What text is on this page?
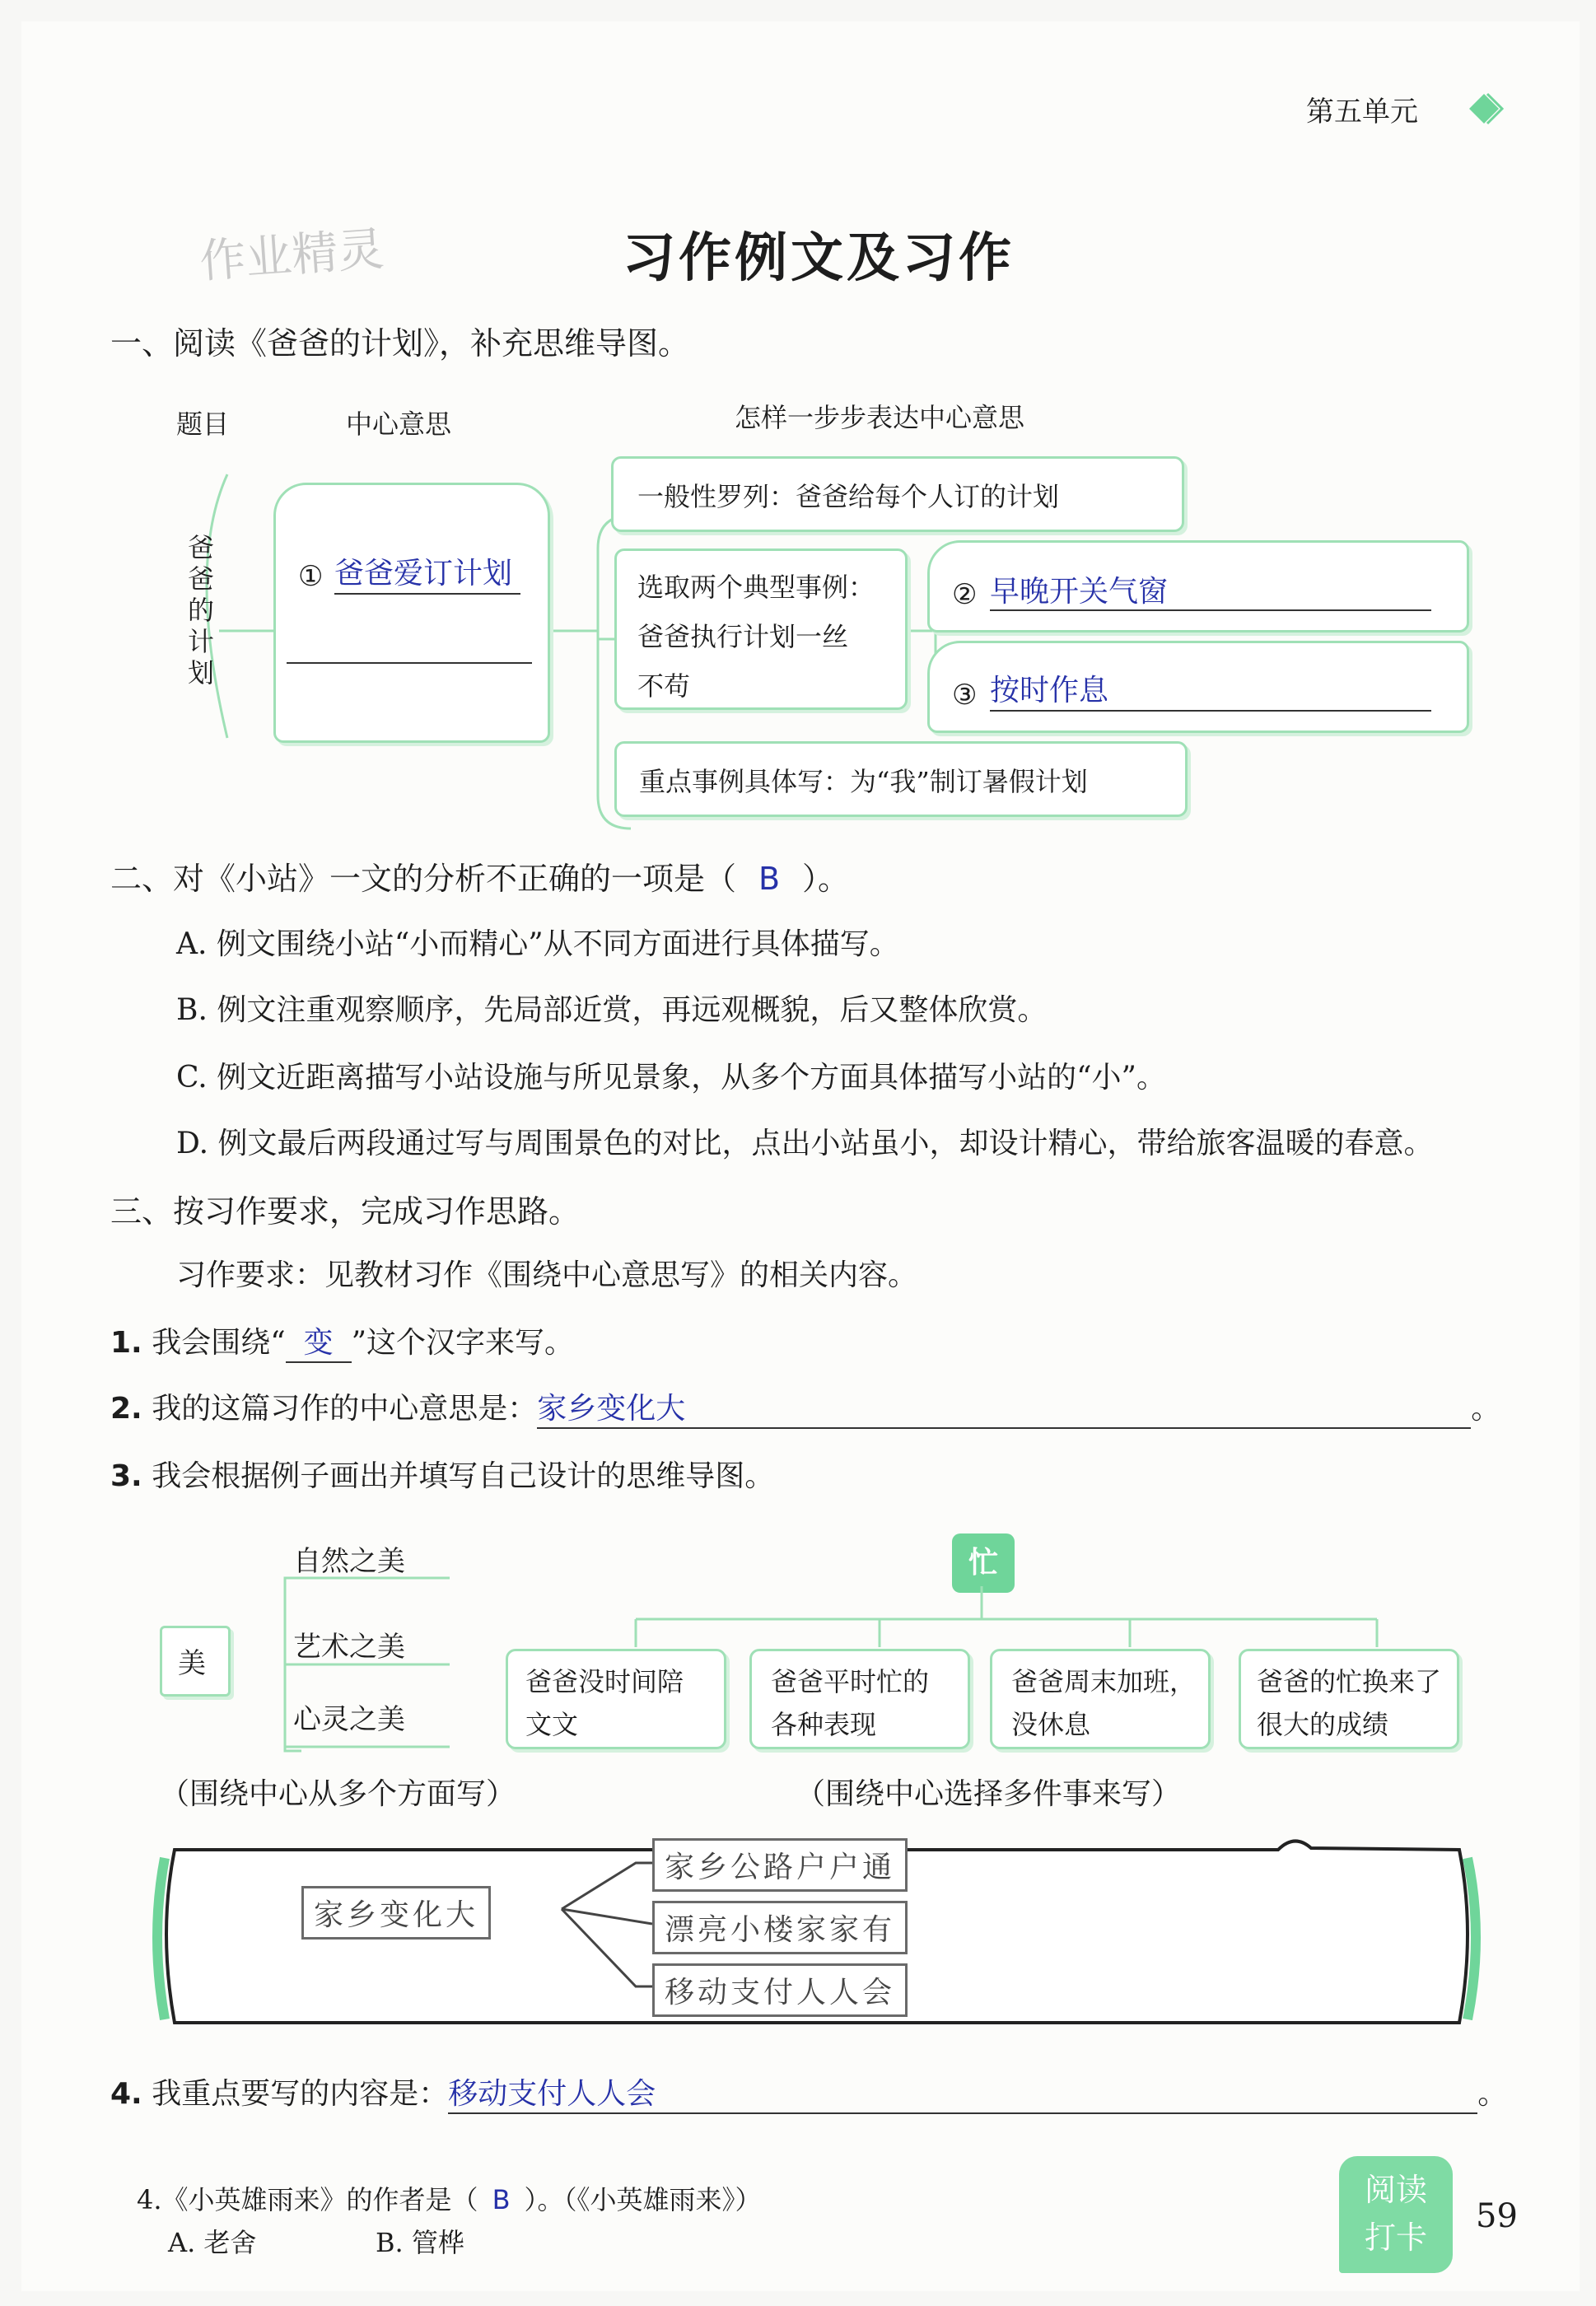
第五单元
作业精灵	习作例文及习作
一、阅读《爸爸的计划》，补充思维导图。
题目	中心意思	怎样一步步表达中心意思
爸爸的计划
① 爸爸爱订计划
一般性罗列：爸爸给每个人订的计划
选取两个典型事例：
爸爸执行计划一丝
不苟
② 早晚开关气窗
③ 按时作息
重点事例具体写：为“我”制订暑假计划
二、对《小站》一文的分析不正确的一项是（ B ）。
A. 例文围绕小站“小而精心”从不同方面进行具体描写。
B. 例文注重观察顺序，先局部近赏，再远观概貌，后又整体欣赏。
C. 例文近距离描写小站设施与所见景象，从多个方面具体描写小站的“小”。
D. 例文最后两段通过写与周围景色的对比，点出小站虽小，却设计精心，带给旅客温暖的春意。
三、按习作要求，完成习作思路。
习作要求：见教材习作《围绕中心意思写》的相关内容。
1. 我会围绕“ 变 ”这个汉字来写。
2. 我的这篇习作的中心意思是：家乡变化大	。
3. 我会根据例子画出并填写自己设计的思维导图。
美
自然之美
艺术之美
心灵之美
（围绕中心从多个方面写）
忙
爸爸没时间陪文文
爸爸平时忙的各种表现
爸爸周末加班，没休息
爸爸的忙换来了很大的成绩
（围绕中心选择多件事来写）
家乡变化大
家乡公路户户通
漂亮小楼家家有
移动支付人人会
4. 我重点要写的内容是：移动支付人人会	。
4.《小英雄雨来》的作者是（ B ）。（《小英雄雨来》）
A. 老舍	B. 管桦
阅读
打卡
59
